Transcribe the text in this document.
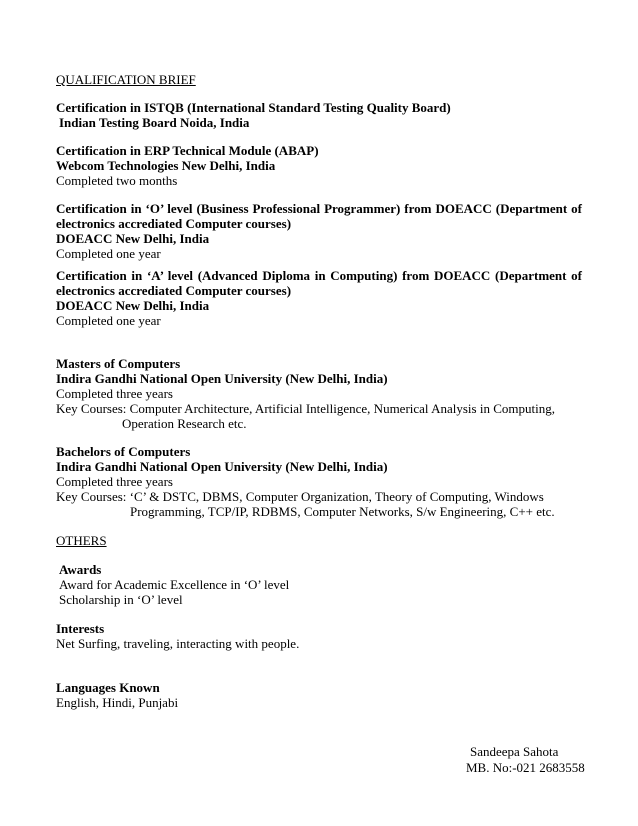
QUALIFICATION BRIEF
Certification in ISTQB (International Standard Testing Quality Board)
Indian Testing Board Noida, India
Certification in ERP Technical Module (ABAP)
Webcom Technologies New Delhi, India
Completed two months
Certification in ‘O’ level (Business Professional Programmer) from DOEACC (Department of electronics accrediated Computer courses)
DOEACC New Delhi, India
Completed one year
Certification in ‘A’ level (Advanced Diploma in Computing) from DOEACC (Department of electronics accrediated Computer courses)
DOEACC New Delhi, India
Completed one year
Masters of Computers
Indira Gandhi National Open University (New Delhi, India)
Completed three years
Key Courses: Computer Architecture, Artificial Intelligence, Numerical Analysis in Computing,
Operation Research etc.
Bachelors of Computers
Indira Gandhi National Open University (New Delhi, India)
Completed three years
Key Courses: ‘C’ & DSTC, DBMS, Computer Organization, Theory of Computing, Windows
Programming, TCP/IP, RDBMS, Computer Networks, S/w Engineering, C++ etc.
OTHERS
Awards
Award for Academic Excellence in ‘O’ level
Scholarship in ‘O’ level
Interests
Net Surfing, traveling, interacting with people.
Languages Known
English, Hindi, Punjabi
Sandeepa Sahota
MB. No:-021 2683558
